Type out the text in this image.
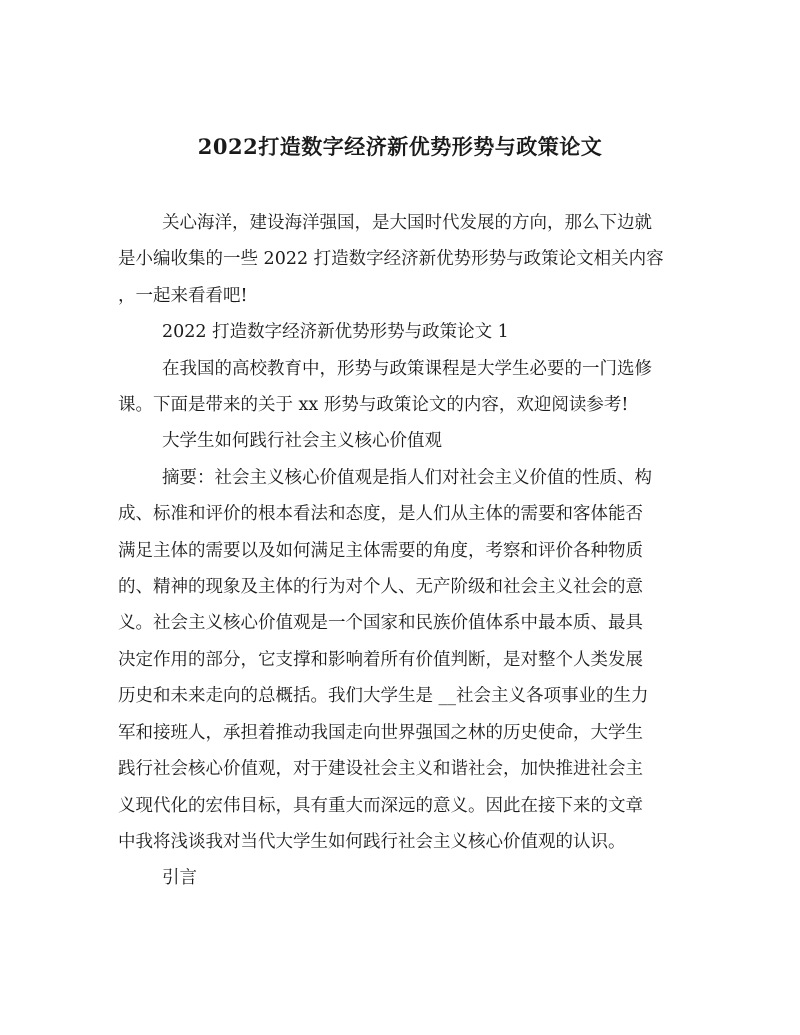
2022打造数字经济新优势形势与政策论文
关心海洋，建设海洋强国，是大国时代发展的方向，那么下边就
是小编收集的一些 2022 打造数字经济新优势形势与政策论文相关内容
，一起来看看吧!
2022 打造数字经济新优势形势与政策论文 1
在我国的高校教育中，形势与政策课程是大学生必要的一门选修
课。下面是带来的关于 xx 形势与政策论文的内容，欢迎阅读参考!
大学生如何践行社会主义核心价值观
摘要：社会主义核心价值观是指人们对社会主义价值的性质、构
成、标准和评价的根本看法和态度，是人们从主体的需要和客体能否
满足主体的需要以及如何满足主体需要的角度，考察和评价各种物质
的、精神的现象及主体的行为对个人、无产阶级和社会主义社会的意
义。社会主义核心价值观是一个国家和民族价值体系中最本质、最具
决定作用的部分，它支撑和影响着所有价值判断，是对整个人类发展
历史和未来走向的总概括。我们大学生是 __社会主义各项事业的生力
军和接班人，承担着推动我国走向世界强国之林的历史使命，大学生
践行社会核心价值观，对于建设社会主义和谐社会，加快推进社会主
义现代化的宏伟目标，具有重大而深远的意义。因此在接下来的文章
中我将浅谈我对当代大学生如何践行社会主义核心价值观的认识。
引言
